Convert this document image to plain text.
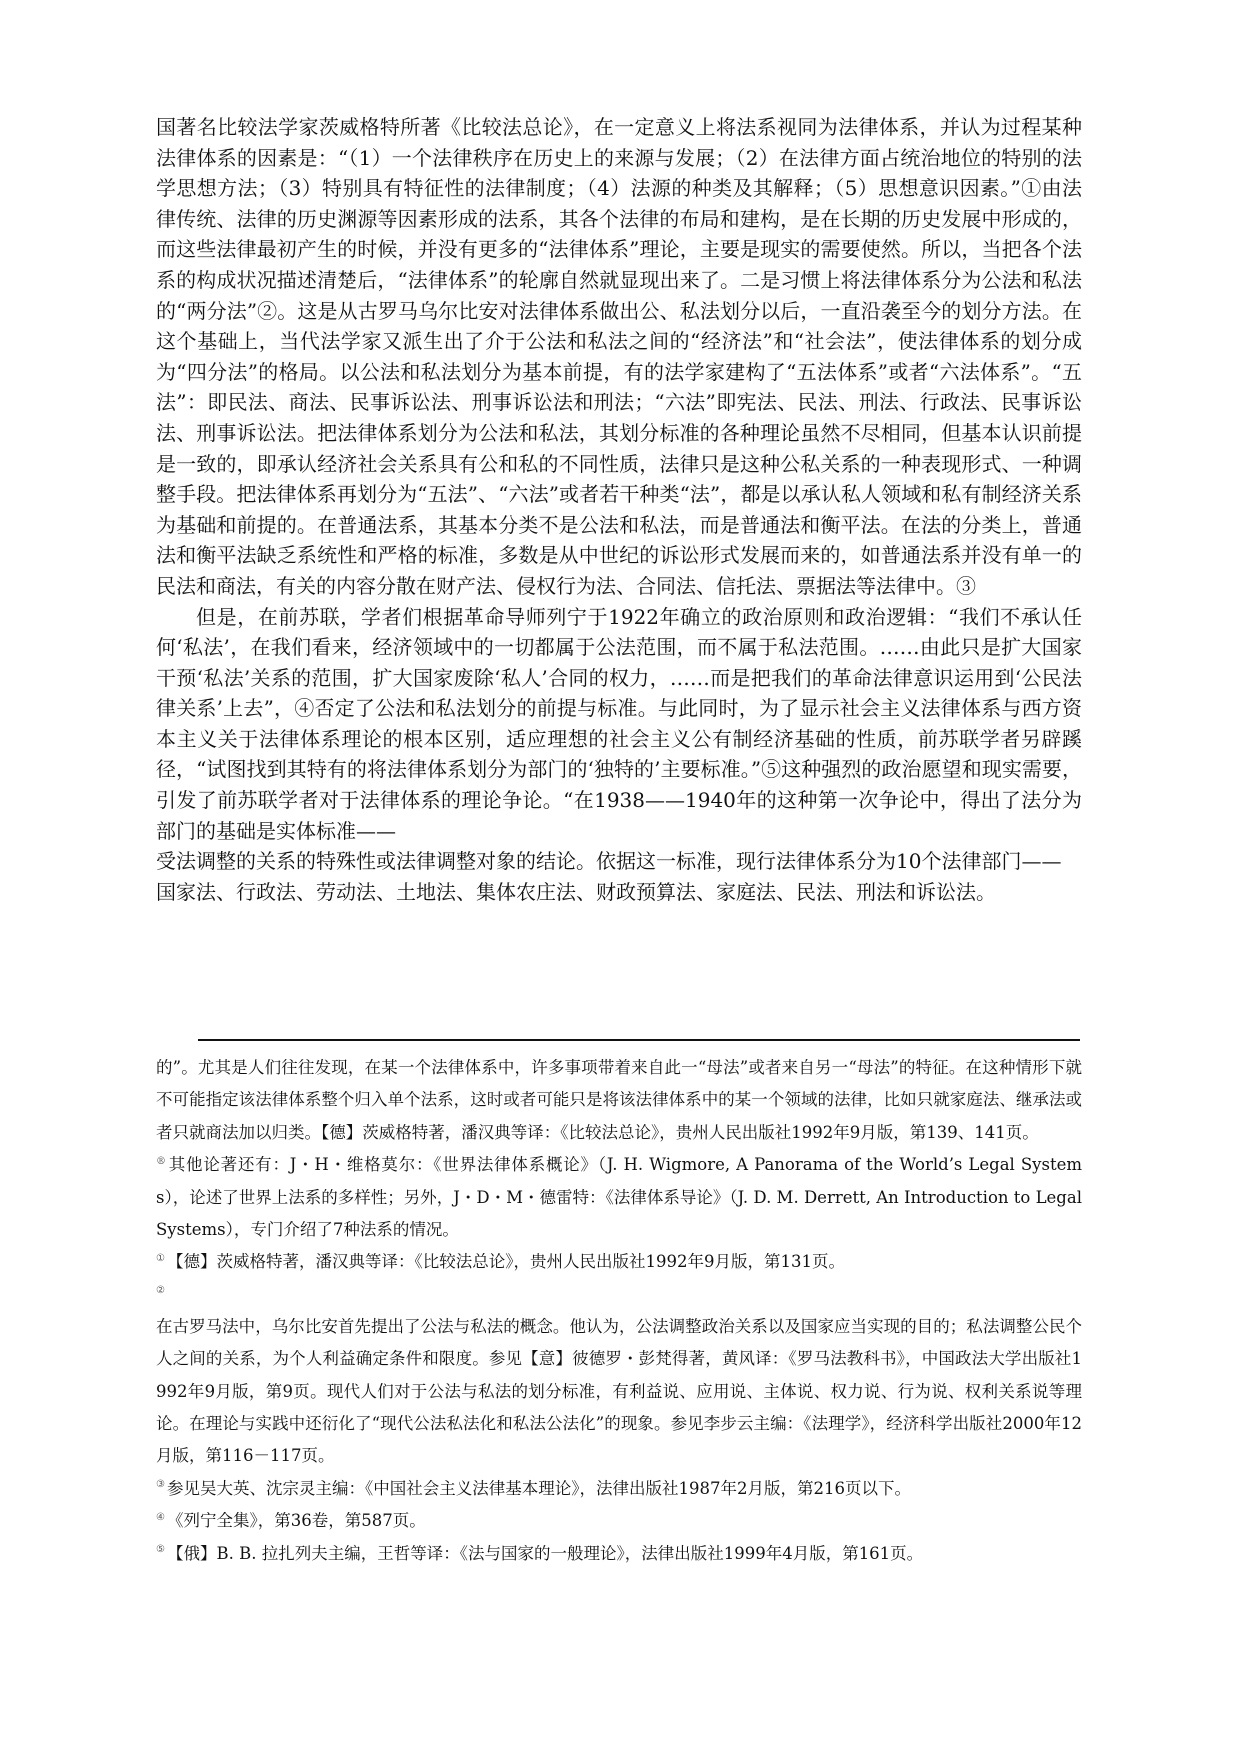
国著名比较法学家茨威格特所著《比较法总论》，在一定意义上将法系视同为法律体系，并认为过程某种法律体系的因素是：“（1）一个法律秩序在历史上的来源与发展；（2）在法律方面占统治地位的特别的法学思想方法；（3）特别具有特征性的法律制度；（4）法源的种类及其解释；（5）思想意识因素。”①由法律传统、法律的历史渊源等因素形成的法系，其各个法律的布局和建构，是在长期的历史发展中形成的，而这些法律最初产生的时候，并没有更多的“法律体系”理论，主要是现实的需要使然。所以，当把各个法系的构成状况描述清楚后，“法律体系”的轮廓自然就显现出来了。二是习惯上将法律体系分为公法和私法的“两分法”②。这是从古罗马乌尔比安对法律体系做出公、私法划分以后，一直沿袭至今的划分方法。在这个基础上，当代法学家又派生出了介于公法和私法之间的“经济法”和“社会法”，使法律体系的划分成为“四分法”的格局。以公法和私法划分为基本前提，有的法学家建构了“五法体系”或者“六法体系”。“五法”：即民法、商法、民事诉讼法、刑事诉讼法和刑法；“六法”即宪法、民法、刑法、行政法、民事诉讼法、刑事诉讼法。把法律体系划分为公法和私法，其划分标准的各种理论虽然不尽相同，但基本认识前提是一致的，即承认经济社会关系具有公和私的不同性质，法律只是这种公私关系的一种表现形式、一种调整手段。把法律体系再划分为“五法”、“六法”或者若干种类“法”，都是以承认私人领域和私有制经济关系为基础和前提的。在普通法系，其基本分类不是公法和私法，而是普通法和衡平法。在法的分类上，普通法和衡平法缺乏系统性和严格的标准，多数是从中世纪的诉讼形式发展而来的，如普通法系并没有单一的民法和商法，有关的内容分散在财产法、侵权行为法、合同法、信托法、票据法等法律中。③

但是，在前苏联，学者们根据革命导师列宁于1922年确立的政治原则和政治逻辑：“我们不承认任何‘私法’，在我们看来，经济领域中的一切都属于公法范围，而不属于私法范围。……由此只是扩大国家干预‘私法’关系的范围，扩大国家废除‘私人’合同的权力，……而是把我们的革命法律意识运用到‘公民法律关系’上去”，④否定了公法和私法划分的前提与标准。与此同时，为了显示社会主义法律体系与西方资本主义关于法律体系理论的根本区别，适应理想的社会主义公有制经济基础的性质，前苏联学者另辟蹊径，“试图找到其特有的将法律体系划分为部门的‘独特的’主要标准。”⑤这种强烈的政治愿望和现实需要，引发了前苏联学者对于法律体系的理论争论。“在1938——1940年的这种第一次争论中，得出了法分为部门的基础是实体标准——

受法调整的关系的特殊性或法律调整对象的结论。依据这一标准，现行法律体系分为10个法律部门——

国家法、行政法、劳动法、土地法、集体农庄法、财政预算法、家庭法、民法、刑法和诉讼法。

的”。尤其是人们往往发现，在某一个法律体系中，许多事项带着来自此一“母法”或者来自另一“母法”的特征。在这种情形下就不可能指定该法律体系整个归入单个法系，这时或者可能只是将该法律体系中的某一个领域的法律，比如只就家庭法、继承法或者只就商法加以归类。【德】茨威格特著，潘汉典等译：《比较法总论》，贵州人民出版社1992年9月版，第139、141页。

® 其他论著还有：J・H・维格莫尔：《世界法律体系概论》（J. H. Wigmore, A Panorama of the World’s Legal Systems），论述了世界上法系的多样性；另外，J・D・M・德雷特：《法律体系导论》（J. D. M. Derrett, An Introduction to Legal Systems），专门介绍了7种法系的情况。

① 【德】茨威格特著，潘汉典等译：《比较法总论》，贵州人民出版社1992年9月版，第131页。

②

在古罗马法中，乌尔比安首先提出了公法与私法的概念。他认为，公法调整政治关系以及国家应当实现的目的；私法调整公民个人之间的关系，为个人利益确定条件和限度。参见【意】彼德罗・彭梵得著，黄风译：《罗马法教科书》，中国政法大学出版社1992年9月版，第9页。现代人们对于公法与私法的划分标准，有利益说、应用说、主体说、权力说、行为说、权利关系说等理论。在理论与实践中还衍化了“现代公法私法化和私法公法化”的现象。参见李步云主编：《法理学》，经济科学出版社2000年12月版，第116－117页。

③ 参见吴大英、沈宗灵主编：《中国社会主义法律基本理论》，法律出版社1987年2月版，第216页以下。

④ 《列宁全集》，第36卷，第587页。

⑤ 【俄】B. B. 拉扎列夫主编，王哲等译：《法与国家的一般理论》，法律出版社1999年4月版，第161页。
